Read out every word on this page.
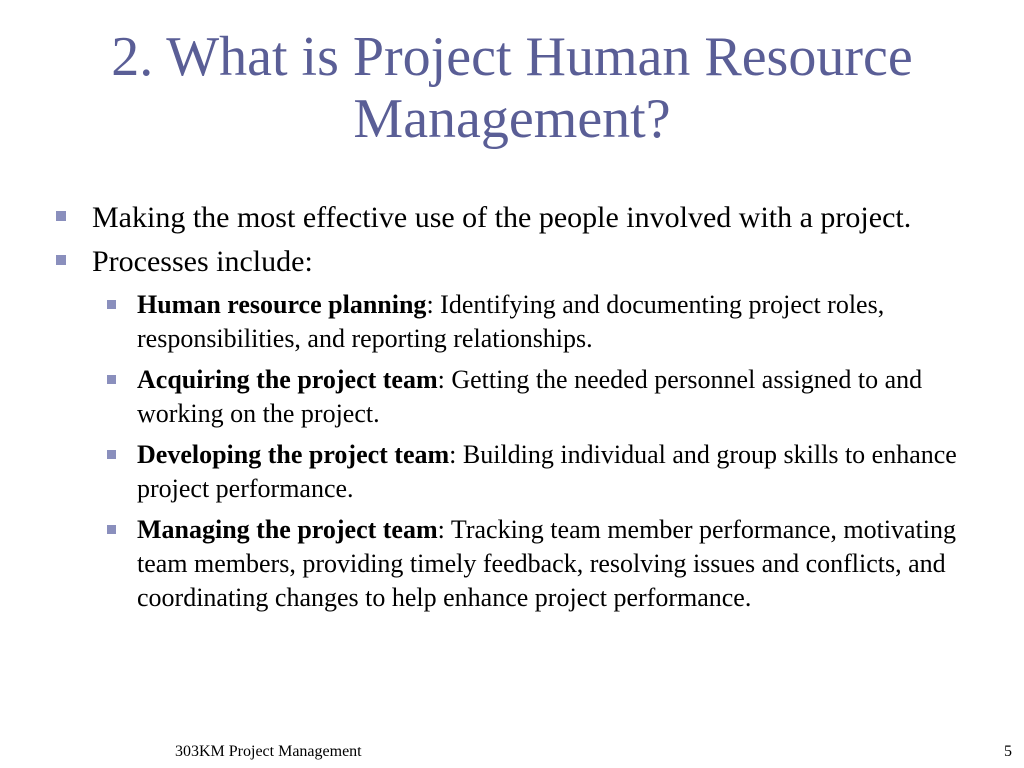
2. What is Project Human Resource
Management?
Making the most effective use of the people involved with a project.
Processes include:
Human resource planning: Identifying and documenting project roles, responsibilities, and reporting relationships.
Acquiring the project team: Getting the needed personnel assigned to and working on the project.
Developing the project team: Building individual and group skills to enhance project performance.
Managing the project team: Tracking team member performance, motivating team members, providing timely feedback, resolving issues and conflicts, and coordinating changes to help enhance project performance.
303KM Project Management	5
